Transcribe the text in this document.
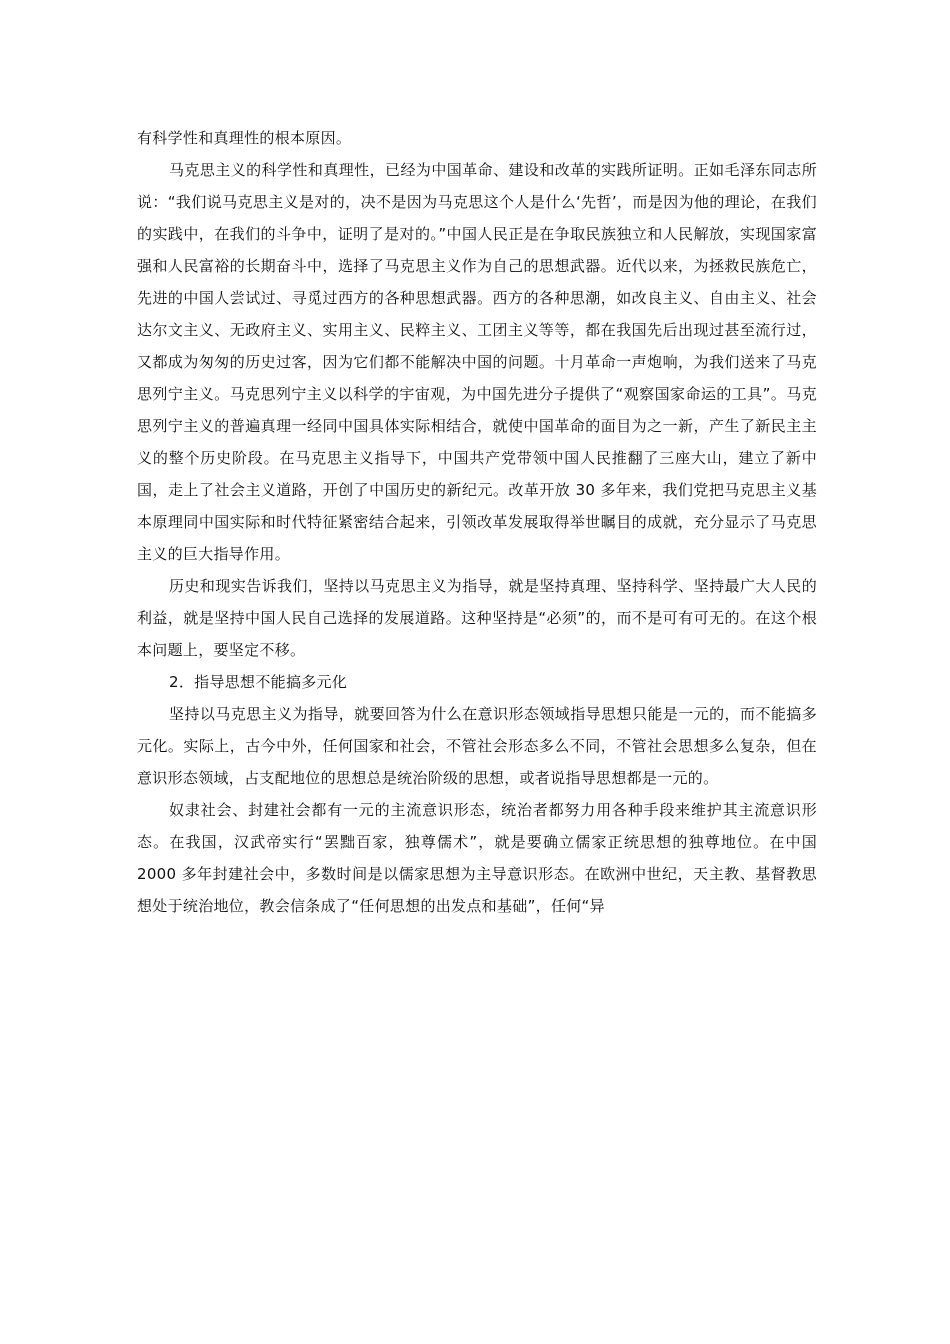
有科学性和真理性的根本原因。

马克思主义的科学性和真理性，已经为中国革命、建设和改革的实践所证明。正如毛泽东同志所说：“我们说马克思主义是对的，决不是因为马克思这个人是什么‘先哲’，而是因为他的理论，在我们的实践中，在我们的斗争中，证明了是对的。”中国人民正是在争取民族独立和人民解放，实现国家富强和人民富裕的长期奋斗中，选择了马克思主义作为自己的思想武器。近代以来，为拯救民族危亡，先进的中国人尝试过、寻觅过西方的各种思想武器。西方的各种思潮，如改良主义、自由主义、社会达尔文主义、无政府主义、实用主义、民粹主义、工团主义等等，都在我国先后出现过甚至流行过，又都成为匆匆的历史过客，因为它们都不能解决中国的问题。十月革命一声炮响，为我们送来了马克思列宁主义。马克思列宁主义以科学的宇宙观，为中国先进分子提供了“观察国家命运的工具”。马克思列宁主义的普遍真理一经同中国具体实际相结合，就使中国革命的面目为之一新，产生了新民主主义的整个历史阶段。在马克思主义指导下，中国共产党带领中国人民推翻了三座大山，建立了新中国，走上了社会主义道路，开创了中国历史的新纪元。改革开放 30 多年来，我们党把马克思主义基本原理同中国实际和时代特征紧密结合起来，引领改革发展取得举世瞩目的成就，充分显示了马克思主义的巨大指导作用。

历史和现实告诉我们，坚持以马克思主义为指导，就是坚持真理、坚持科学、坚持最广大人民的利益，就是坚持中国人民自己选择的发展道路。这种坚持是“必须”的，而不是可有可无的。在这个根本问题上，要坚定不移。

2．指导思想不能搞多元化

坚持以马克思主义为指导，就要回答为什么在意识形态领域指导思想只能是一元的，而不能搞多元化。实际上，古今中外，任何国家和社会，不管社会形态多么不同，不管社会思想多么复杂，但在意识形态领域，占支配地位的思想总是统治阶级的思想，或者说指导思想都是一元的。

奴隶社会、封建社会都有一元的主流意识形态，统治者都努力用各种手段来维护其主流意识形态。在我国，汉武帝实行“罢黜百家，独尊儒术”，就是要确立儒家正统思想的独尊地位。在中国 2000 多年封建社会中，多数时间是以儒家思想为主导意识形态。在欧洲中世纪，天主教、基督教思想处于统治地位，教会信条成了“任何思想的出发点和基础”，任何“异
